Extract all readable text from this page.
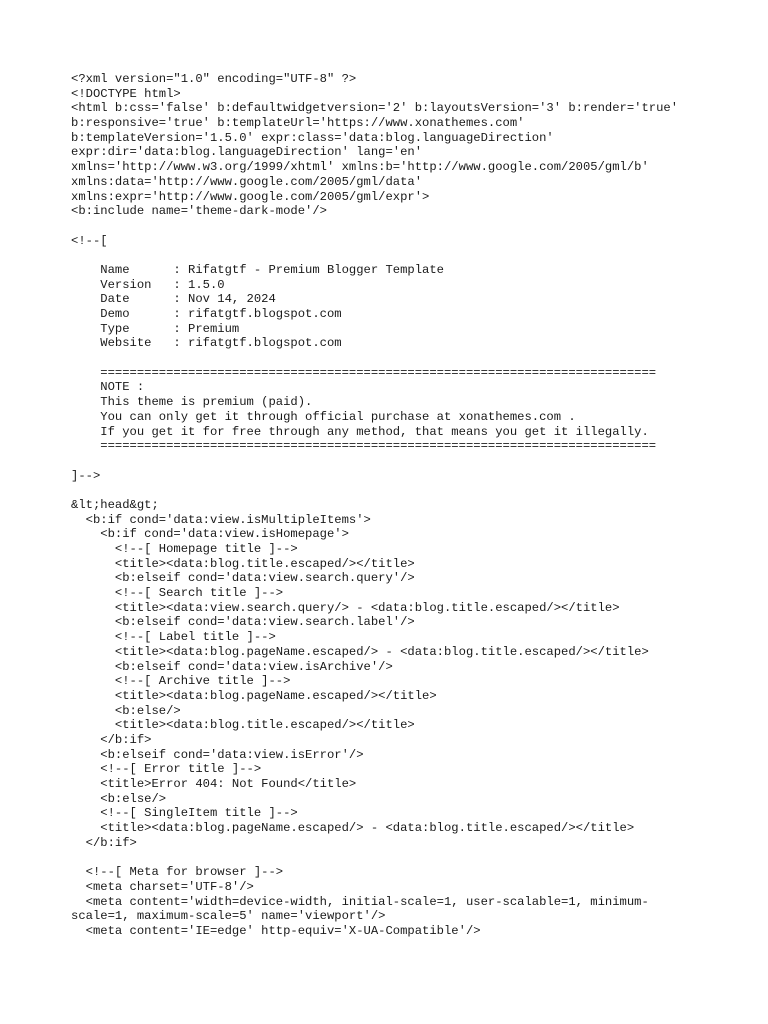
<?xml version="1.0" encoding="UTF-8" ?>
<!DOCTYPE html>
<html b:css='false' b:defaultwidgetversion='2' b:layoutsVersion='3' b:render='true'
b:responsive='true' b:templateUrl='https://www.xonathemes.com'
b:templateVersion='1.5.0' expr:class='data:blog.languageDirection'
expr:dir='data:blog.languageDirection' lang='en'
xmlns='http://www.w3.org/1999/xhtml' xmlns:b='http://www.google.com/2005/gml/b'
xmlns:data='http://www.google.com/2005/gml/data'
xmlns:expr='http://www.google.com/2005/gml/expr'>
<b:include name='theme-dark-mode'/>
<!--[
Name      : Rifatgtf - Premium Blogger Template
Version   : 1.5.0
Date      : Nov 14, 2024
Demo      : rifatgtf.blogspot.com
Type      : Premium
Website   : rifatgtf.blogspot.com
============================================================================
NOTE :
This theme is premium (paid).
You can only get it through official purchase at xonathemes.com .
If you get it for free through any method, that means you get it illegally.
============================================================================
]-->
&lt;head&gt;
<b:if cond='data:view.isMultipleItems'>
<b:if cond='data:view.isHomepage'>
<!--[ Homepage title ]-->
<title><data:blog.title.escaped/></title>
<b:elseif cond='data:view.search.query'/>
<!--[ Search title ]-->
<title><data:view.search.query/> - <data:blog.title.escaped/></title>
<b:elseif cond='data:view.search.label'/>
<!--[ Label title ]-->
<title><data:blog.pageName.escaped/> - <data:blog.title.escaped/></title>
<b:elseif cond='data:view.isArchive'/>
<!--[ Archive title ]-->
<title><data:blog.pageName.escaped/></title>
<b:else/>
<title><data:blog.title.escaped/></title>
</b:if>
<b:elseif cond='data:view.isError'/>
<!--[ Error title ]-->
<title>Error 404: Not Found</title>
<b:else/>
<!--[ SingleItem title ]-->
<title><data:blog.pageName.escaped/> - <data:blog.title.escaped/></title>
</b:if>
<!--[ Meta for browser ]-->
<meta charset='UTF-8'/>
<meta content='width=device-width, initial-scale=1, user-scalable=1, minimum-
scale=1, maximum-scale=5' name='viewport'/>
<meta content='IE=edge' http-equiv='X-UA-Compatible'/>
